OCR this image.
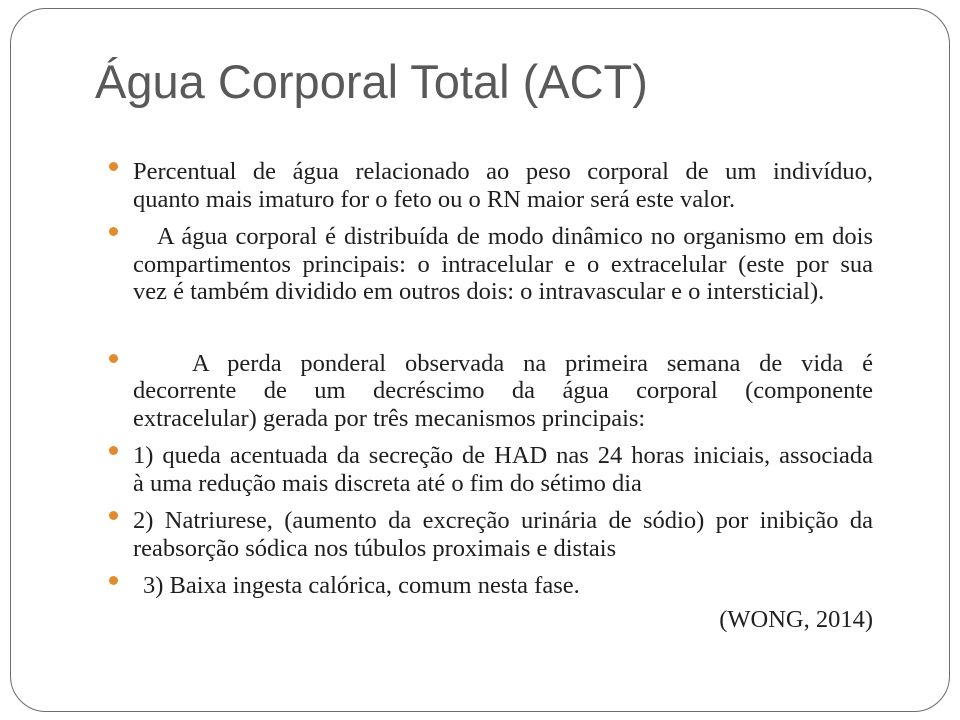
Água Corporal Total (ACT)
Percentual de água relacionado ao peso corporal de um indivíduo,
quanto mais imaturo for o feto ou o RN maior será este valor.
A água corporal é distribuída de modo dinâmico no organismo em dois
compartimentos principais: o intracelular e o extracelular (este por sua
vez é também dividido em outros dois: o intravascular e o intersticial).
A perda ponderal observada na primeira semana de vida é
decorrente de um decréscimo da água corporal (componente
extracelular) gerada por três mecanismos principais:
1) queda acentuada da secreção de HAD nas 24 horas iniciais, associada
à uma redução mais discreta até o fim do sétimo dia
2) Natriurese, (aumento da excreção urinária de sódio) por inibição da
reabsorção sódica nos túbulos proximais e distais
3) Baixa ingesta calórica, comum nesta fase.
(WONG, 2014)
